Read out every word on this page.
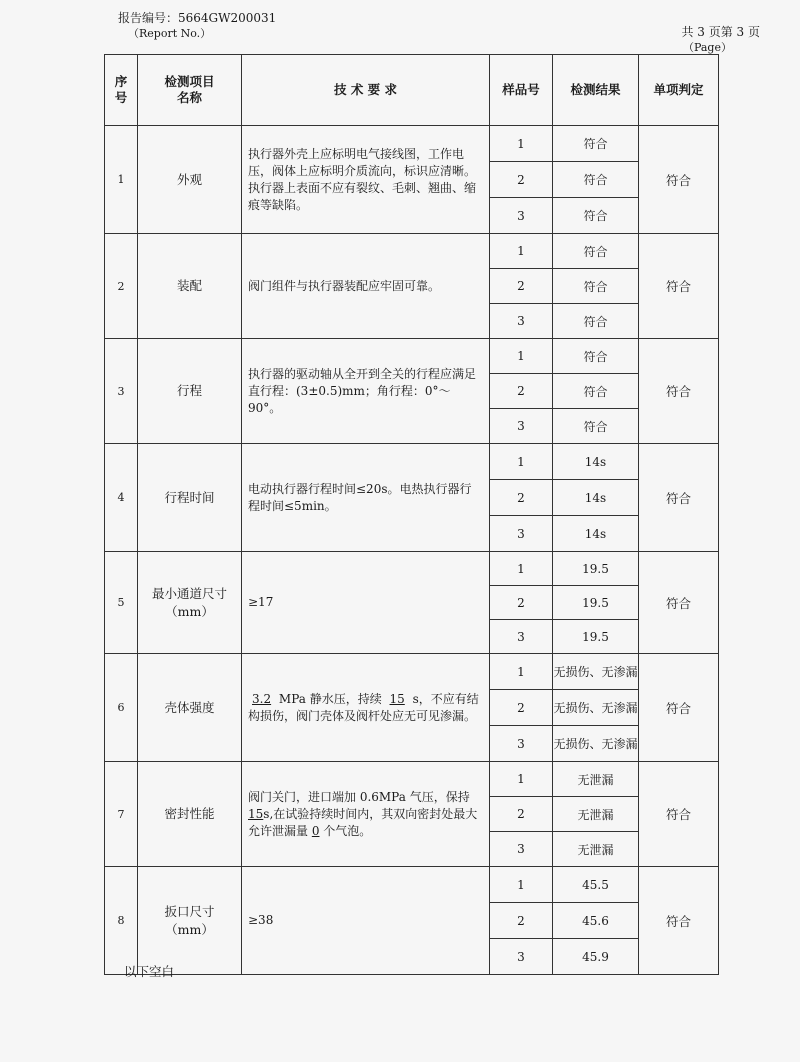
报告编号：5664GW200031
（Report No.）	共 3 页第 3 页
（Page）
序号	检测项目名称	技 术 要 求	样品号	检测结果	单项判定
1	外观	执行器外壳上应标明电气接线图，工作电压，阀体上应标明介质流向，标识应清晰。执行器上表面不应有裂纹、毛刺、翘曲、缩痕等缺陷。	1	符合	符合
			2	符合	
			3	符合	
2	装配	阀门组件与执行器装配应牢固可靠。	1	符合	符合
			2	符合	
			3	符合	
3	行程	执行器的驱动轴从全开到全关的行程应满足直行程：(3±0.5)mm；角行程：0°～90°。	1	符合	符合
			2	符合	
			3	符合	
4	行程时间	电动执行器行程时间≤20s。电热执行器行程时间≤5min。	1	14s	符合
			2	14s	
			3	14s	
5	最小通道尺寸（mm）	≥17	1	19.5	符合
			2	19.5	
			3	19.5	
6	壳体强度	3.2 MPa 静水压，持续 15 s，不应有结构损伤，阀门壳体及阀杆处应无可见渗漏。	1	无损伤、无渗漏	符合
			2	无损伤、无渗漏	
			3	无损伤、无渗漏	
7	密封性能	阀门关门，进口端加 0.6MPa 气压，保持 15s,在试验持续时间内，其双向密封处最大允许泄漏量 0 个气泡。	1	无泄漏	符合
			2	无泄漏	
			3	无泄漏	
8	扳口尺寸（mm）	≥38	1	45.5	符合
			2	45.6	
			3	45.9	
以下空白
